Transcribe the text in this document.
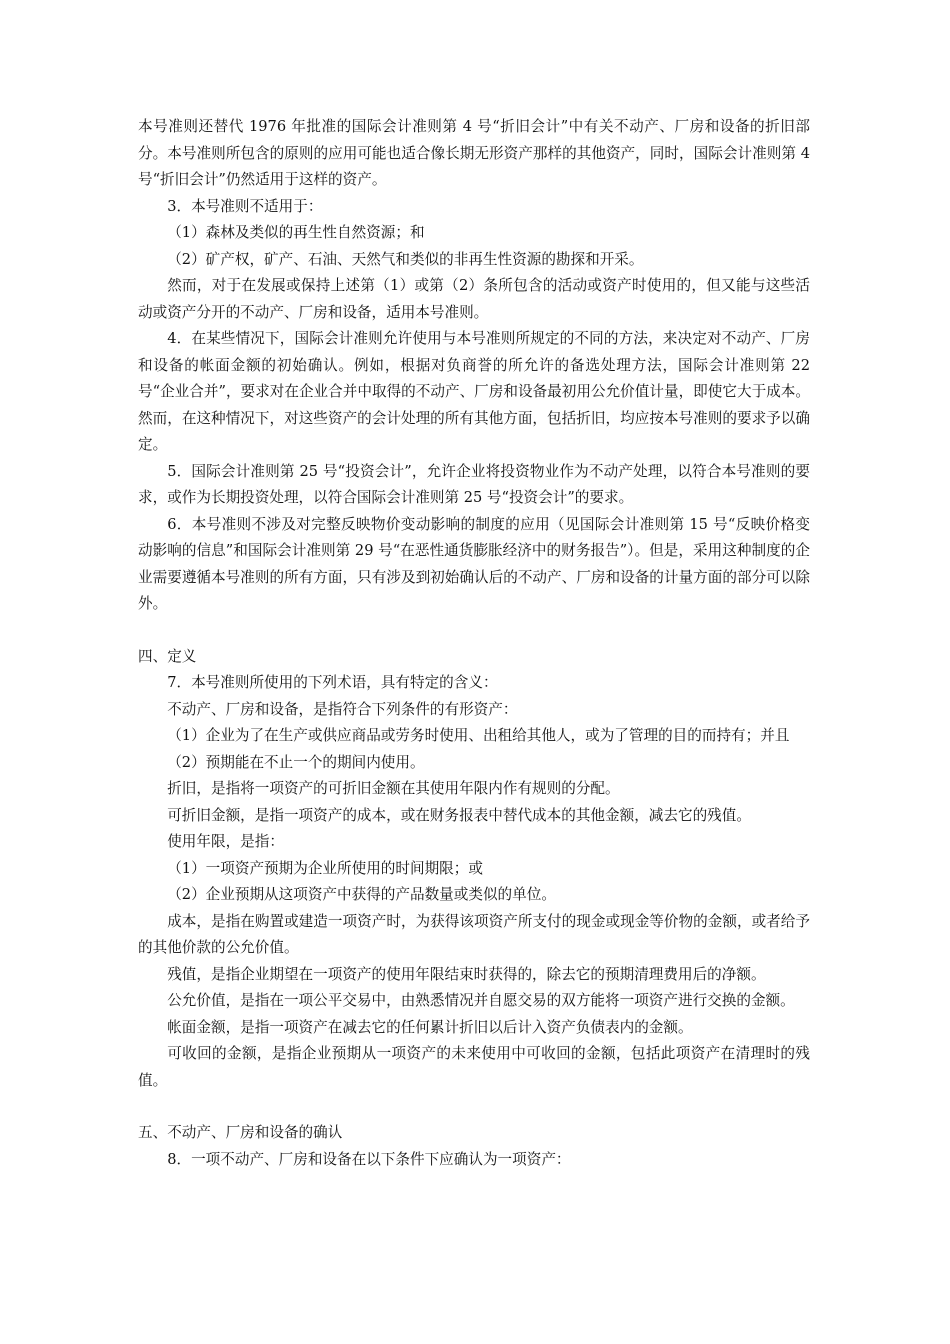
本号准则还替代 1976 年批准的国际会计准则第 4 号“折旧会计”中有关不动产、厂房和设备的折旧部分。本号准则所包含的原则的应用可能也适合像长期无形资产那样的其他资产，同时，国际会计准则第 4 号“折旧会计”仍然适用于这样的资产。

3．本号准则不适用于：

（1）森林及类似的再生性自然资源；和

（2）矿产权，矿产、石油、天然气和类似的非再生性资源的勘探和开采。

然而，对于在发展或保持上述第（1）或第（2）条所包含的活动或资产时使用的，但又能与这些活动或资产分开的不动产、厂房和设备，适用本号准则。

4．在某些情况下，国际会计准则允许使用与本号准则所规定的不同的方法，来决定对不动产、厂房和设备的帐面金额的初始确认。例如，根据对负商誉的所允许的备选处理方法，国际会计准则第 22 号“企业合并”，要求对在企业合并中取得的不动产、厂房和设备最初用公允价值计量，即使它大于成本。然而，在这种情况下，对这些资产的会计处理的所有其他方面，包括折旧，均应按本号准则的要求予以确定。

5．国际会计准则第 25 号“投资会计”，允许企业将投资物业作为不动产处理，以符合本号准则的要求，或作为长期投资处理，以符合国际会计准则第 25 号“投资会计”的要求。

6．本号准则不涉及对完整反映物价变动影响的制度的应用（见国际会计准则第 15 号“反映价格变动影响的信息”和国际会计准则第 29 号“在恶性通货膨胀经济中的财务报告”）。但是，采用这种制度的企业需要遵循本号准则的所有方面，只有涉及到初始确认后的不动产、厂房和设备的计量方面的部分可以除外。

四、定义

7．本号准则所使用的下列术语，具有特定的含义：

不动产、厂房和设备，是指符合下列条件的有形资产：

（1）企业为了在生产或供应商品或劳务时使用、出租给其他人，或为了管理的目的而持有；并且

（2）预期能在不止一个的期间内使用。

折旧，是指将一项资产的可折旧金额在其使用年限内作有规则的分配。

可折旧金额，是指一项资产的成本，或在财务报表中替代成本的其他金额，减去它的残值。

使用年限，是指：

（1）一项资产预期为企业所使用的时间期限；或

（2）企业预期从这项资产中获得的产品数量或类似的单位。

成本，是指在购置或建造一项资产时，为获得该项资产所支付的现金或现金等价物的金额，或者给予的其他价款的公允价值。

残值，是指企业期望在一项资产的使用年限结束时获得的，除去它的预期清理费用后的净额。

公允价值，是指在一项公平交易中，由熟悉情况并自愿交易的双方能将一项资产进行交换的金额。

帐面金额，是指一项资产在减去它的任何累计折旧以后计入资产负债表内的金额。

可收回的金额，是指企业预期从一项资产的未来使用中可收回的金额，包括此项资产在清理时的残值。

五、不动产、厂房和设备的确认

8．一项不动产、厂房和设备在以下条件下应确认为一项资产：
